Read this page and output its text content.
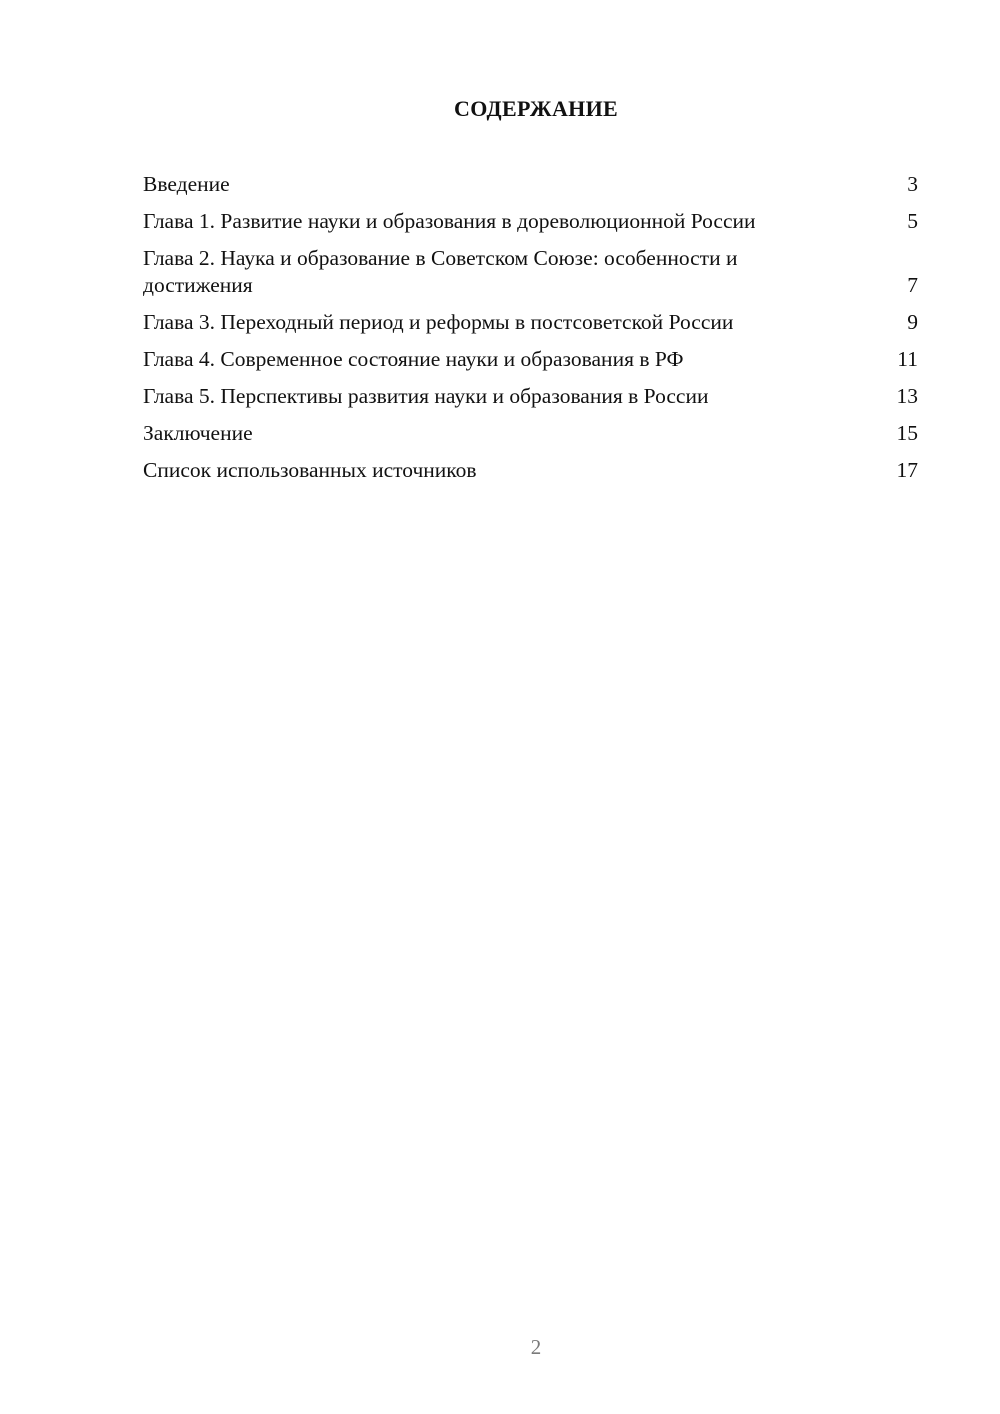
СОДЕРЖАНИЕ
Введение	3
Глава 1. Развитие науки и образования в дореволюционной России	5
Глава 2. Наука и образование в Советском Союзе: особенности и достижения	7
Глава 3. Переходный период и реформы в постсоветской России	9
Глава 4. Современное состояние науки и образования в РФ	11
Глава 5. Перспективы развития науки и образования в России	13
Заключение	15
Список использованных источников	17
2
